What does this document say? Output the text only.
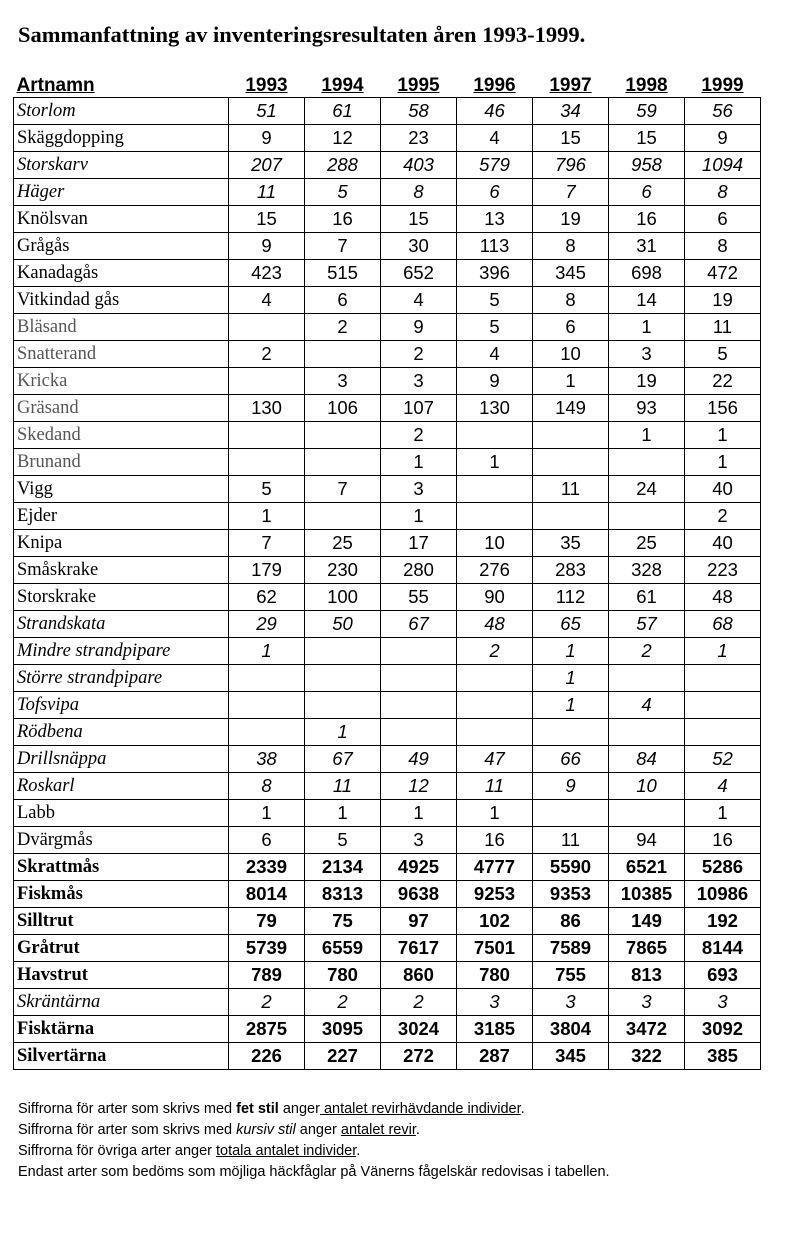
Sammanfattning av inventeringsresultaten åren 1993-1999.
Artnamn	1993	1994	1995	1996	1997	1998	1999
Storlom	51	61	58	46	34	59	56
Skäggdopping	9	12	23	4	15	15	9
Storskarv	207	288	403	579	796	958	1094
Häger	11	5	8	6	7	6	8
Knölsvan	15	16	15	13	19	16	6
Grågås	9	7	30	113	8	31	8
Kanadagås	423	515	652	396	345	698	472
Vitkindad gås	4	6	4	5	8	14	19
Bläsand		2	9	5	6	1	11
Snatterand	2		2	4	10	3	5
Kricka		3	3	9	1	19	22
Gräsand	130	106	107	130	149	93	156
Skedand			2			1	1
Brunand			1	1			1
Vigg	5	7	3		11	24	40
Ejder	1		1				2
Knipa	7	25	17	10	35	25	40
Småskrake	179	230	280	276	283	328	223
Storskrake	62	100	55	90	112	61	48
Strandskata	29	50	67	48	65	57	68
Mindre strandpipare	1			2	1	2	1
Större strandpipare					1		
Tofsvipa					1	4	
Rödbena		1					
Drillsnäppa	38	67	49	47	66	84	52
Roskarl	8	11	12	11	9	10	4
Labb	1	1	1	1			1
Dvärgmås	6	5	3	16	11	94	16
Skrattmås	2339	2134	4925	4777	5590	6521	5286
Fiskmås	8014	8313	9638	9253	9353	10385	10986
Silltrut	79	75	97	102	86	149	192
Gråtrut	5739	6559	7617	7501	7589	7865	8144
Havstrut	789	780	860	780	755	813	693
Skräntärna	2	2	2	3	3	3	3
Fisktärna	2875	3095	3024	3185	3804	3472	3092
Silvertärna	226	227	272	287	345	322	385
Siffrorna för arter som skrivs med fet stil anger antalet revirhävdande individer.
Siffrorna för arter som skrivs med kursiv stil anger antalet revir.
Siffrorna för övriga arter anger totala antalet individer.
Endast arter som bedöms som möjliga häckfåglar på Vänerns fågelskär redovisas i tabellen.
